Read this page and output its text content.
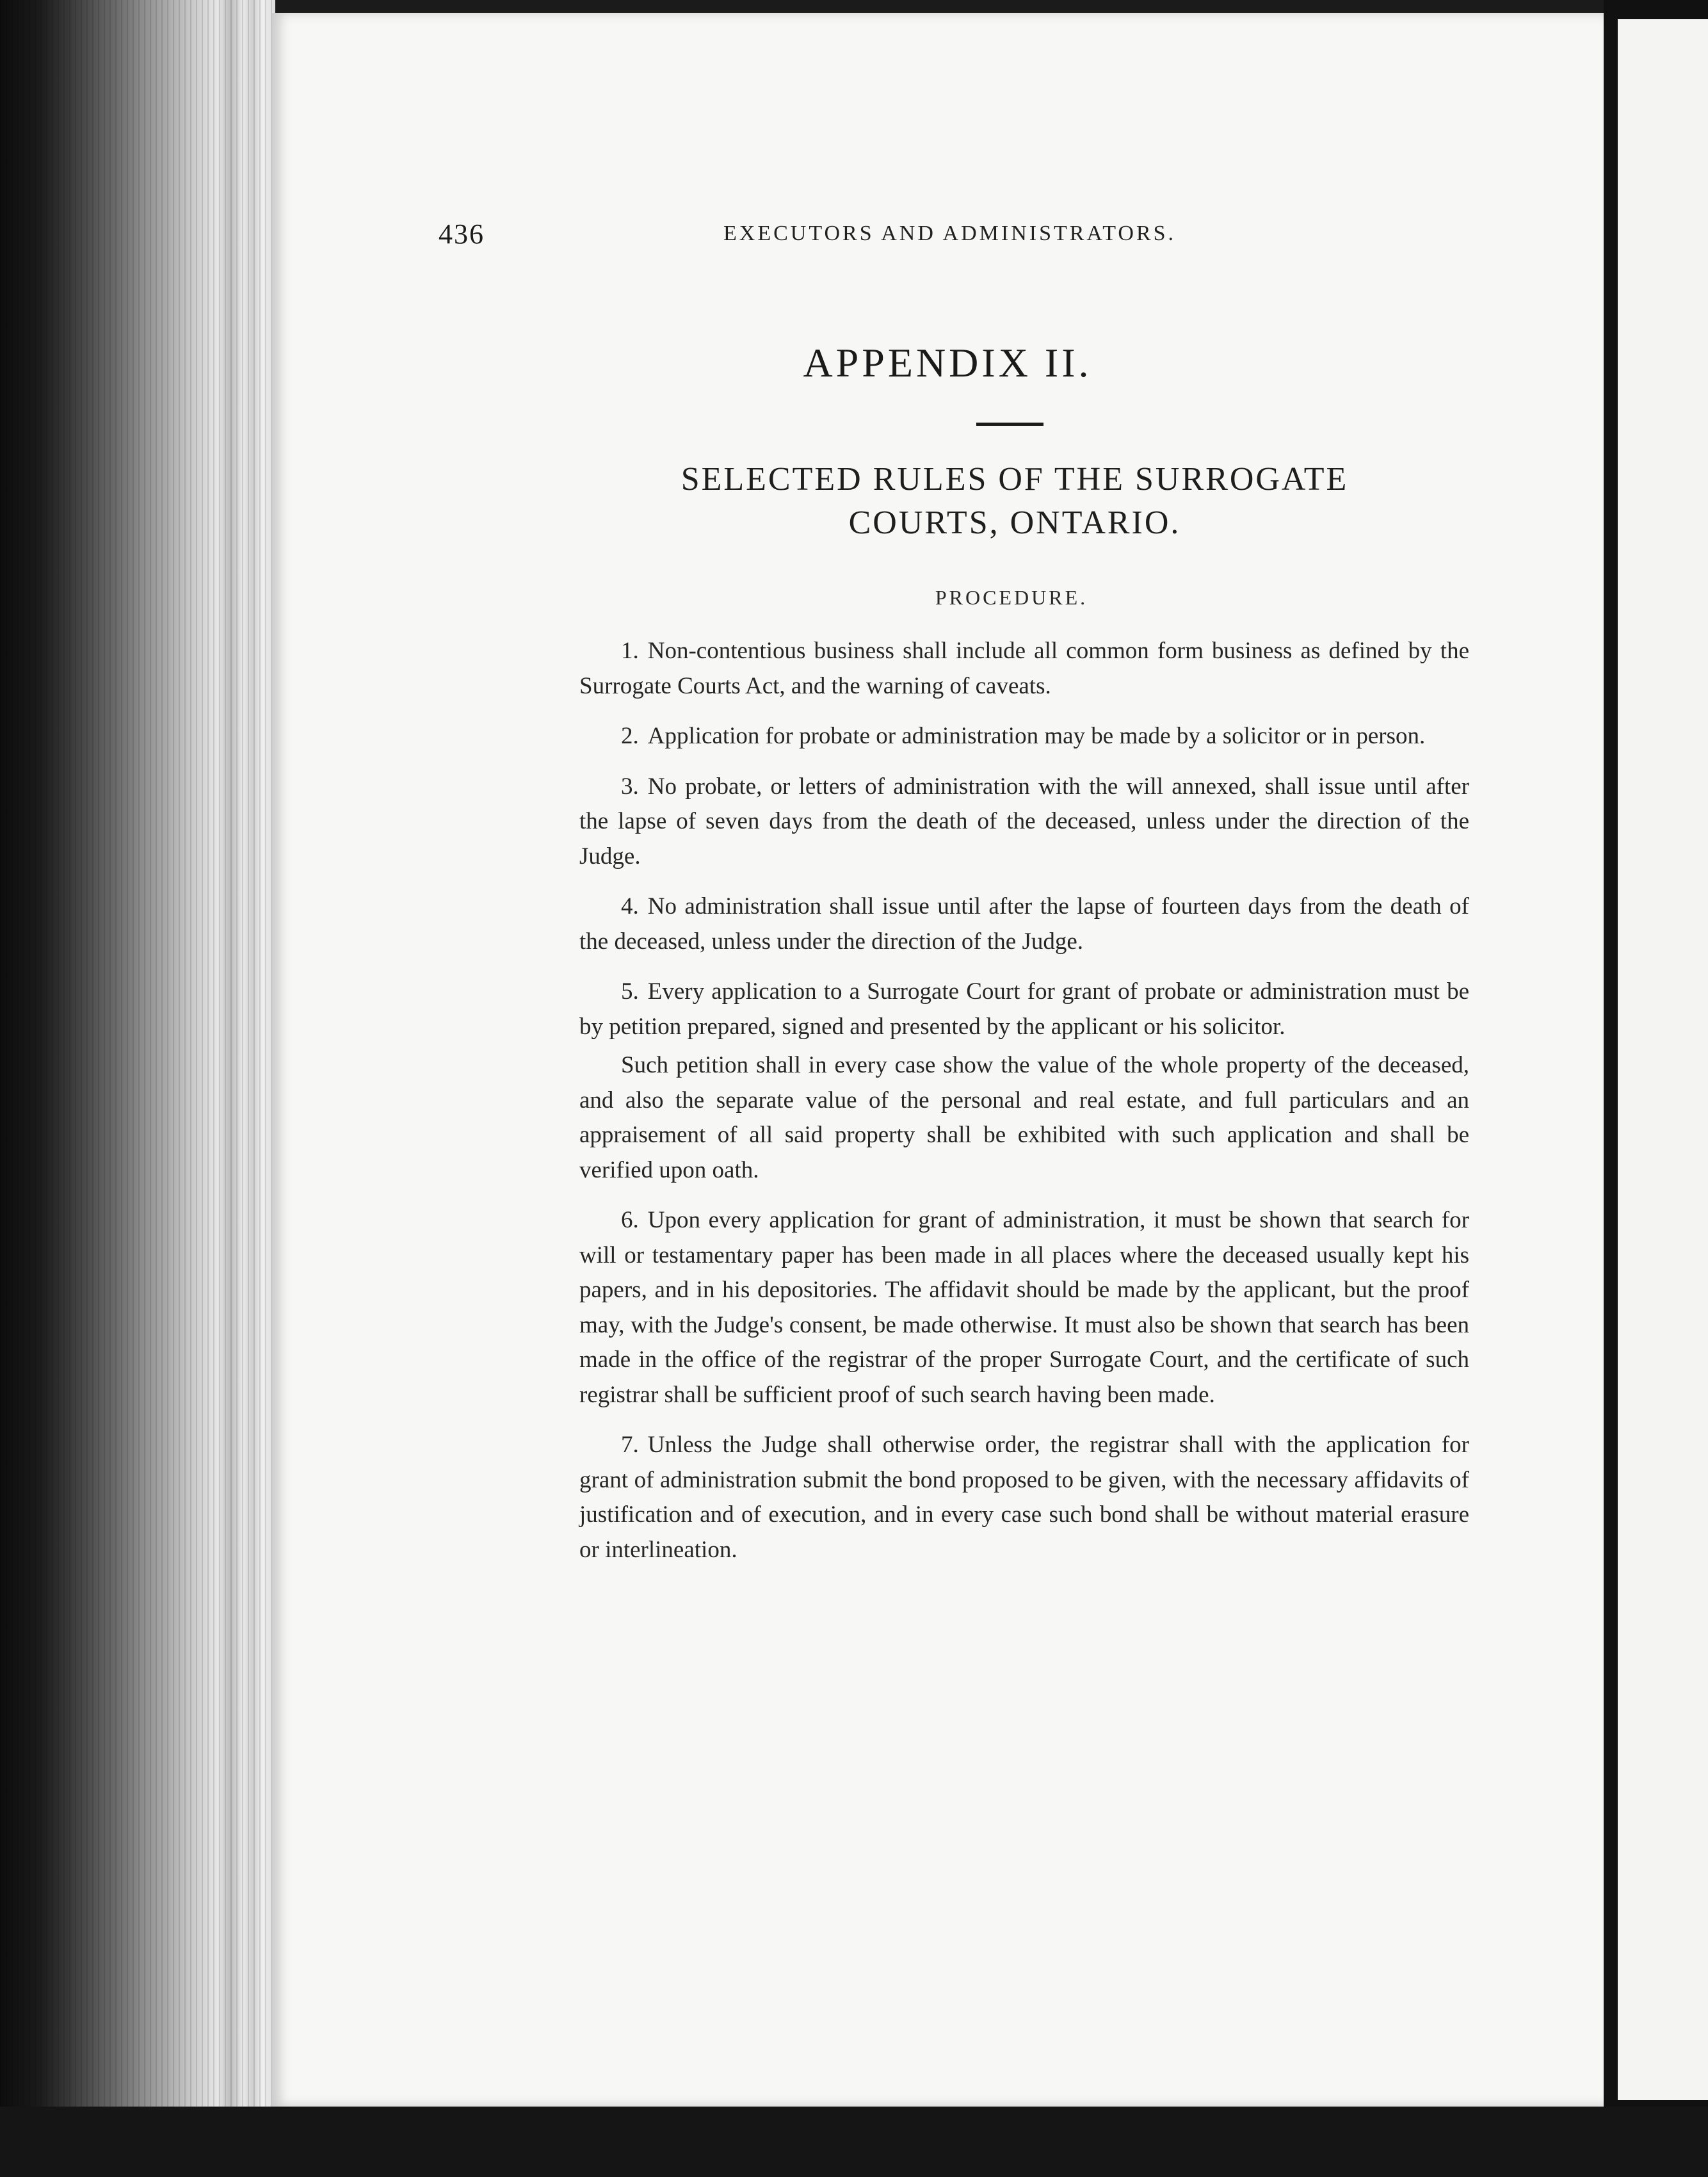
436	EXECUTORS AND ADMINISTRATORS.
APPENDIX II.
SELECTED RULES OF THE SURROGATE
COURTS, ONTARIO.
PROCEDURE.

1. Non-contentious business shall include all common form business as defined by the Surrogate Courts Act, and the warning of caveats.

2. Application for probate or administration may be made by a solicitor or in person.

3. No probate, or letters of administration with the will annexed, shall issue until after the lapse of seven days from the death of the deceased, unless under the direction of the Judge.

4. No administration shall issue until after the lapse of fourteen days from the death of the deceased, unless under the direction of the Judge.

5. Every application to a Surrogate Court for grant of probate or administration must be by petition prepared, signed and presented by the applicant or his solicitor.

Such petition shall in every case show the value of the whole property of the deceased, and also the separate value of the personal and real estate, and full particulars and an appraisement of all said property shall be exhibited with such application and shall be verified upon oath.

6. Upon every application for grant of administration, it must be shown that search for will or testamentary paper has been made in all places where the deceased usually kept his papers, and in his depositories. The affidavit should be made by the applicant, but the proof may, with the Judge's consent, be made otherwise. It must also be shown that search has been made in the office of the registrar of the proper Surrogate Court, and the certificate of such registrar shall be sufficient proof of such search having been made.

7. Unless the Judge shall otherwise order, the registrar shall with the application for grant of administration submit the bond proposed to be given, with the necessary affidavits of justification and of execution, and in every case such bond shall be without material erasure or interlineation.
